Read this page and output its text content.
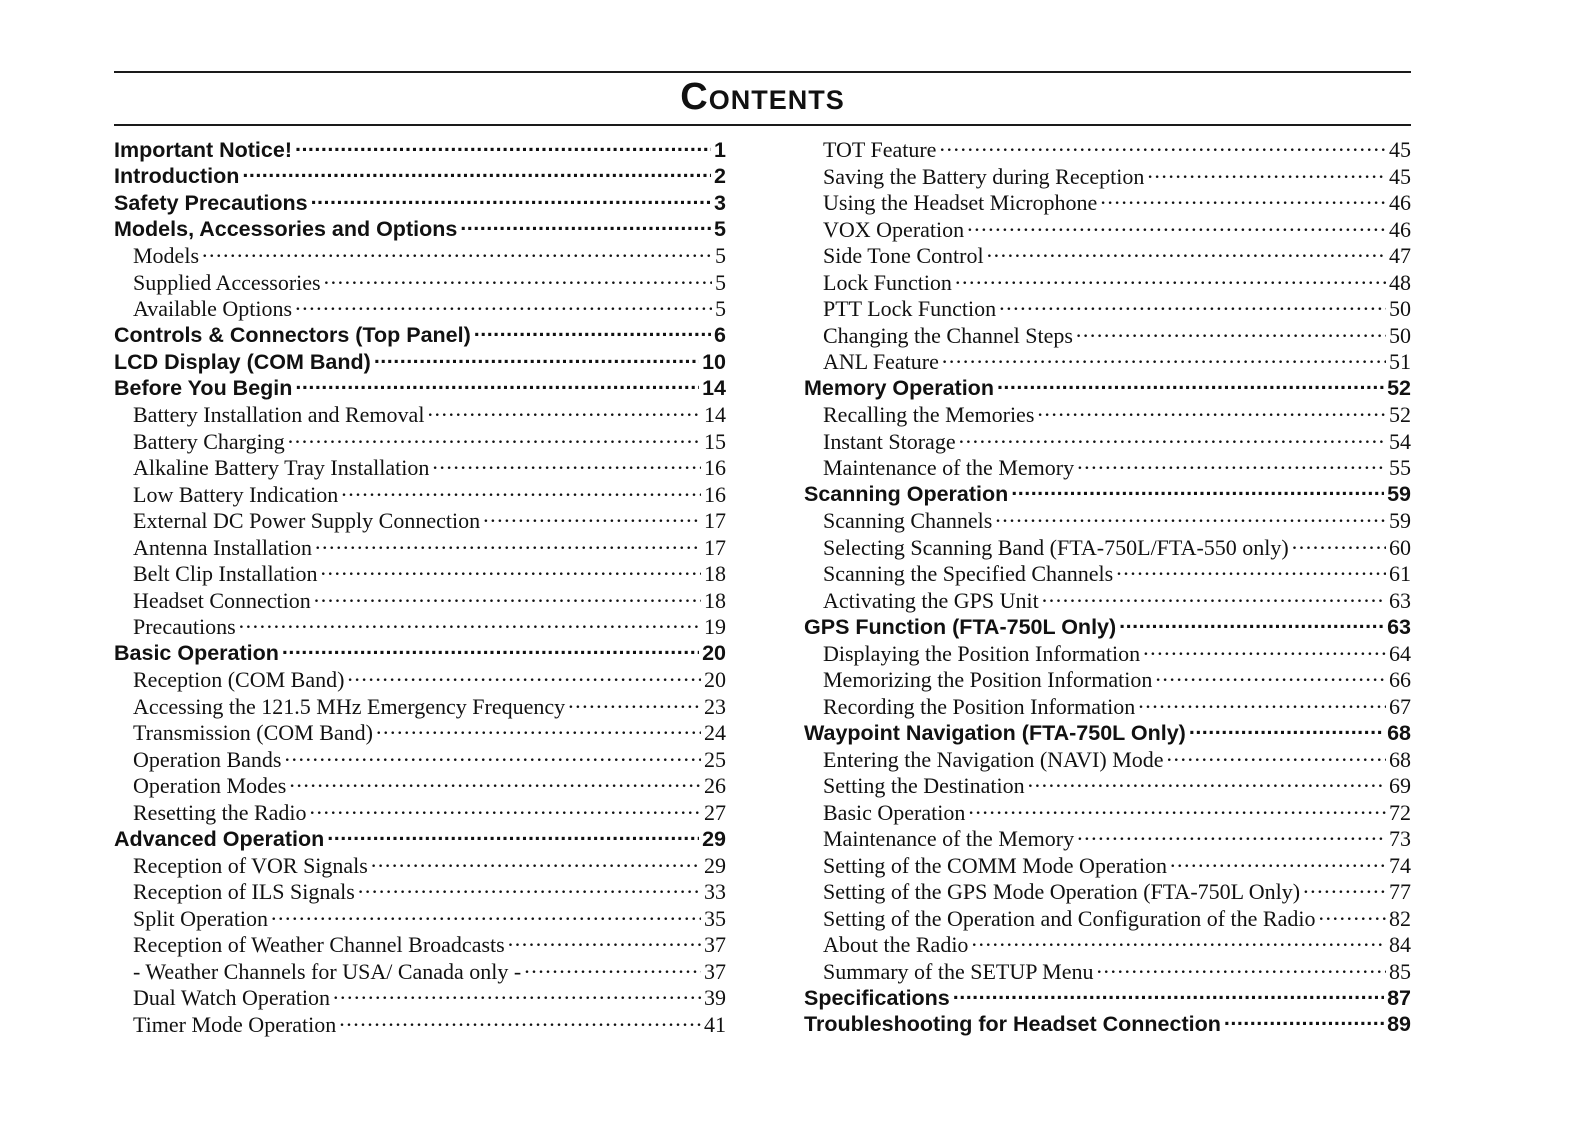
Contents
Important Notice! .....	1
Introduction .....	2
Safety Precautions .....	3
Models, Accessories and Options .....	5
Models .....	5
Supplied Accessories .....	5
Available Options .....	5
Controls & Connectors (Top Panel) .....	6
LCD Display (COM Band) .....	10
Before You Begin .....	14
Battery Installation and Removal .....	14
Battery Charging .....	15
Alkaline Battery Tray Installation .....	16
Low Battery Indication .....	16
External DC Power Supply Connection .....	17
Antenna Installation .....	17
Belt Clip Installation .....	18
Headset Connection .....	18
Precautions .....	19
Basic Operation .....	20
Reception (COM Band) .....	20
Accessing the 121.5 MHz Emergency Frequency .....	23
Transmission (COM Band) .....	24
Operation Bands .....	25
Operation Modes .....	26
Resetting the Radio .....	27
Advanced Operation .....	29
Reception of VOR Signals .....	29
Reception of ILS Signals .....	33
Split Operation .....	35
Reception of Weather Channel Broadcasts .....	37
- Weather Channels for USA/ Canada only - .....	37
Dual Watch Operation .....	39
Timer Mode Operation .....	41
TOT Feature .....	45
Saving the Battery during Reception .....	45
Using the Headset Microphone .....	46
VOX Operation .....	46
Side Tone Control .....	47
Lock Function .....	48
PTT Lock Function .....	50
Changing the Channel Steps .....	50
ANL Feature .....	51
Memory Operation .....	52
Recalling the Memories .....	52
Instant Storage .....	54
Maintenance of the Memory .....	55
Scanning Operation .....	59
Scanning Channels .....	59
Selecting Scanning Band (FTA-750L/FTA-550 only) .....	60
Scanning the Specified Channels .....	61
Activating the GPS Unit .....	63
GPS Function (FTA-750L Only) .....	63
Displaying the Position Information .....	64
Memorizing the Position Information .....	66
Recording the Position Information .....	67
Waypoint Navigation (FTA-750L Only) .....	68
Entering the Navigation (NAVI) Mode .....	68
Setting the Destination .....	69
Basic Operation .....	72
Maintenance of the Memory .....	73
Setting of the COMM Mode Operation .....	74
Setting of the GPS Mode Operation (FTA-750L Only) .....	77
Setting of the Operation and Configuration of the Radio .....	82
About the Radio .....	84
Summary of the SETUP Menu .....	85
Specifications .....	87
Troubleshooting for Headset Connection .....	89
